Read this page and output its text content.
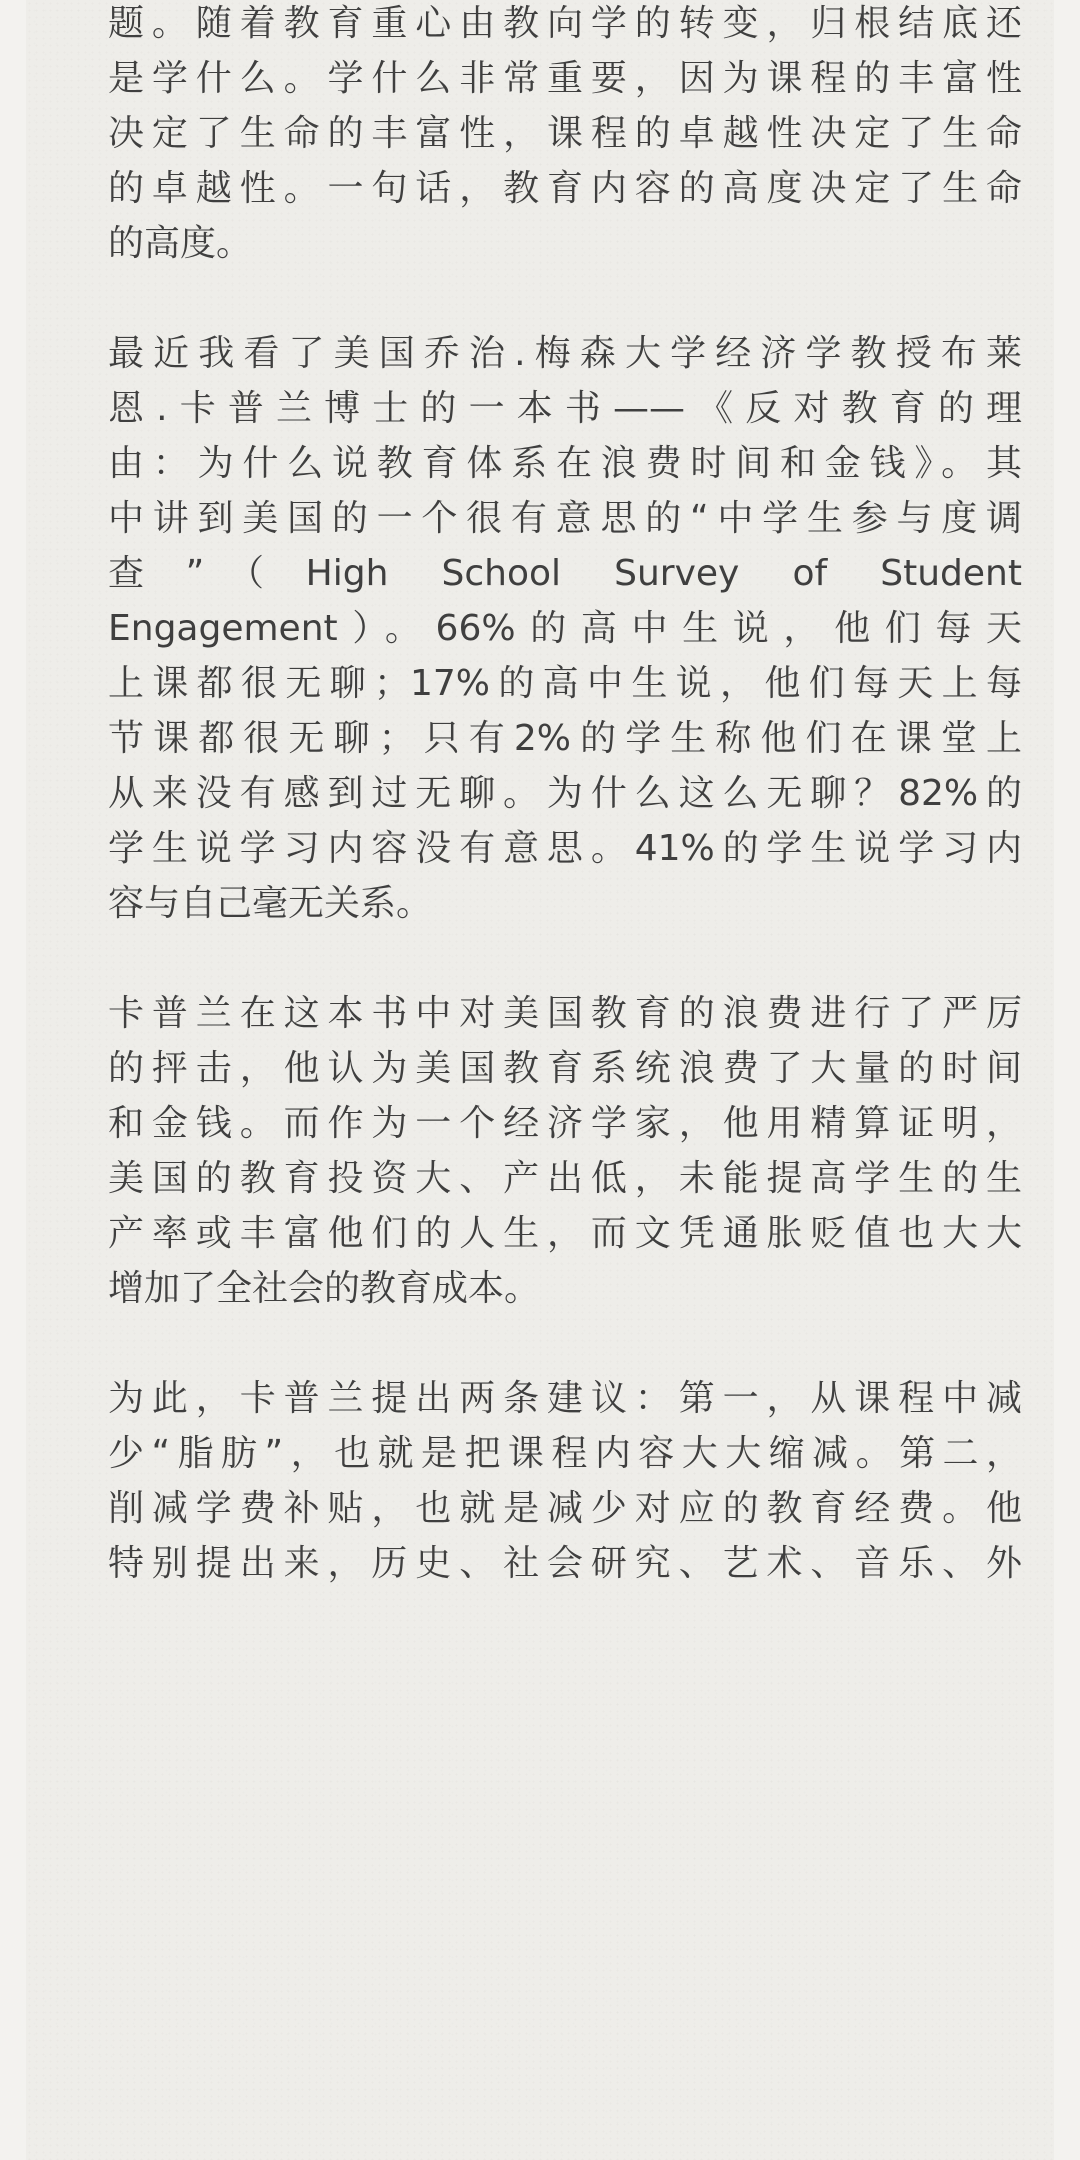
题。随着教育重心由教向学的转变，归根结底还
是学什么。学什么非常重要，因为课程的丰富性
决定了生命的丰富性，课程的卓越性决定了生命
的卓越性。一句话，教育内容的高度决定了生命
的高度。
最近我看了美国乔治.梅森大学经济学教授布莱
恩.卡普兰博士的一本书——《反对教育的理
由：为什么说教育体系在浪费时间和金钱》。其
中讲到美国的一个很有意思的“中学生参与度调
查”（High School Survey of Student
Engagement）。66%的高中生说，他们每天
上课都很无聊；17%的高中生说，他们每天上每
节课都很无聊；只有2%的学生称他们在课堂上
从来没有感到过无聊。为什么这么无聊？82%的
学生说学习内容没有意思。41%的学生说学习内
容与自己毫无关系。
卡普兰在这本书中对美国教育的浪费进行了严厉
的抨击，他认为美国教育系统浪费了大量的时间
和金钱。而作为一个经济学家，他用精算证明，
美国的教育投资大、产出低，未能提高学生的生
产率或丰富他们的人生，而文凭通胀贬值也大大
增加了全社会的教育成本。
为此，卡普兰提出两条建议：第一，从课程中减
少“脂肪”，也就是把课程内容大大缩减。第二，
削减学费补贴，也就是减少对应的教育经费。他
特别提出来，历史、社会研究、艺术、音乐、外
